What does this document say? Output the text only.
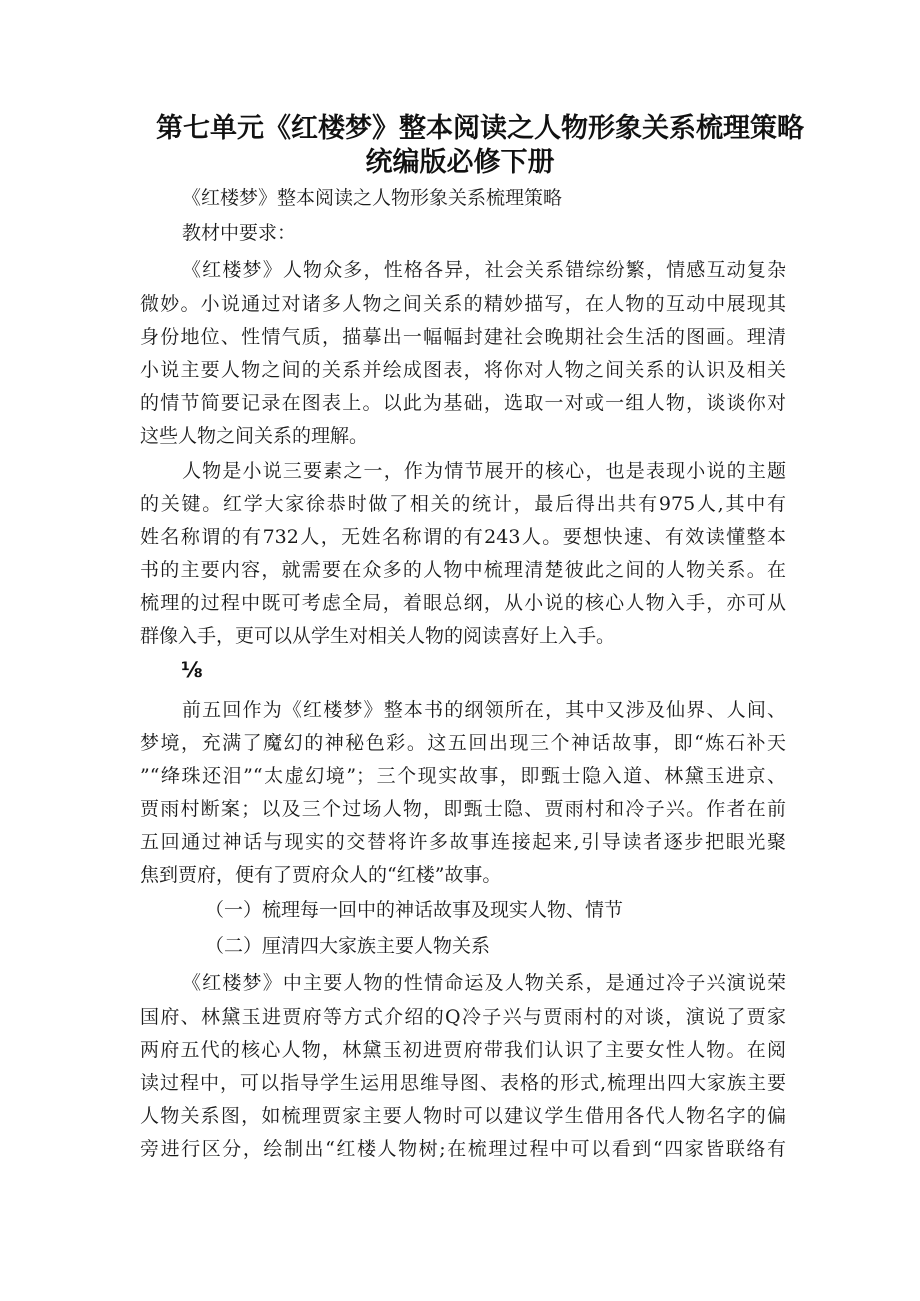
第七单元《红楼梦》整本阅读之人物形象关系梳理策略
统编版必修下册
《红楼梦》整本阅读之人物形象关系梳理策略
教材中要求：
《红楼梦》人物众多，性格各异，社会关系错综纷繁，情感互动复杂
微妙。小说通过对诸多人物之间关系的精妙描写，在人物的互动中展现其
身份地位、性情气质，描摹出一幅幅封建社会晚期社会生活的图画。理清
小说主要人物之间的关系并绘成图表，将你对人物之间关系的认识及相关
的情节简要记录在图表上。以此为基础，选取一对或一组人物，谈谈你对
这些人物之间关系的理解。
人物是小说三要素之一，作为情节展开的核心，也是表现小说的主题
的关键。红学大家徐恭时做了相关的统计，最后得出共有975人,其中有
姓名称谓的有732人，无姓名称谓的有243人。要想快速、有效读懂整本
书的主要内容，就需要在众多的人物中梳理清楚彼此之间的人物关系。在
梳理的过程中既可考虑全局，着眼总纲，从小说的核心人物入手，亦可从
群像入手，更可以从学生对相关人物的阅读喜好上入手。
⅛
前五回作为《红楼梦》整本书的纲领所在，其中又涉及仙界、人间、
梦境，充满了魔幻的神秘色彩。这五回出现三个神话故事，即“炼石补天
”“绛珠还泪”“太虚幻境”；三个现实故事，即甄士隐入道、林黛玉进京、
贾雨村断案；以及三个过场人物，即甄士隐、贾雨村和冷子兴。作者在前
五回通过神话与现实的交替将许多故事连接起来,引导读者逐步把眼光聚
焦到贾府，便有了贾府众人的“红楼”故事。
（一）梳理每一回中的神话故事及现实人物、情节
（二）厘清四大家族主要人物关系
《红楼梦》中主要人物的性情命运及人物关系，是通过冷子兴演说荣
国府、林黛玉进贾府等方式介绍的Q冷子兴与贾雨村的对谈，演说了贾家
两府五代的核心人物，林黛玉初进贾府带我们认识了主要女性人物。在阅
读过程中，可以指导学生运用思维导图、表格的形式,梳理出四大家族主要
人物关系图，如梳理贾家主要人物时可以建议学生借用各代人物名字的偏
旁进行区分，绘制出“红楼人物树;在梳理过程中可以看到“四家皆联络有
